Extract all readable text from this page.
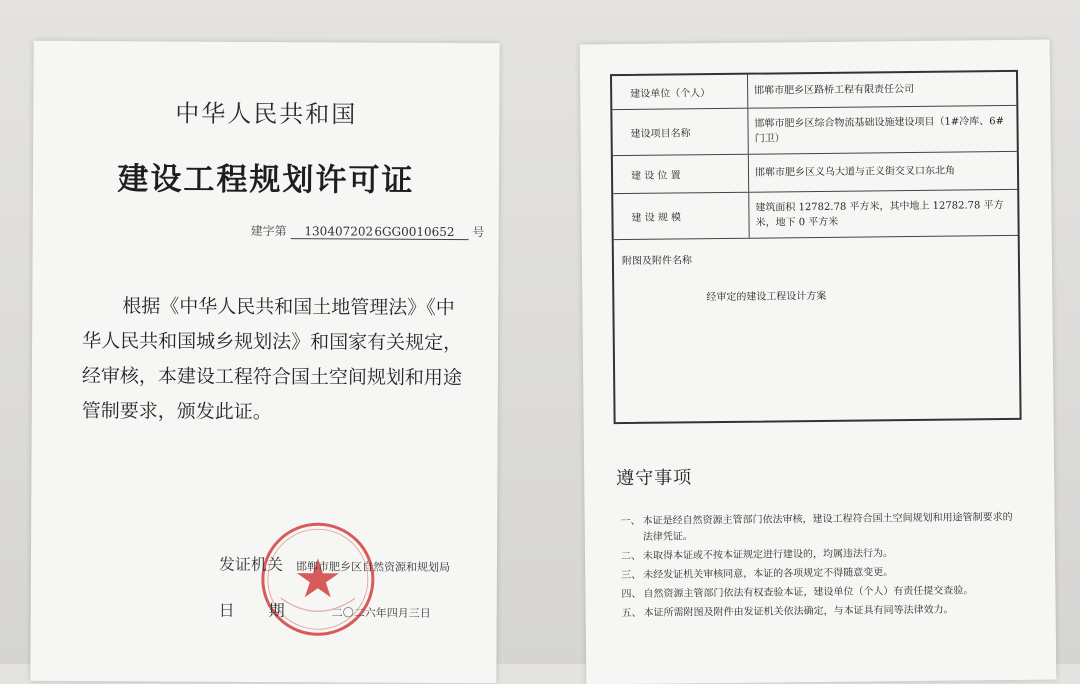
中华人民共和国
建设工程规划许可证
建字第 130407202 6GG0010652 号
根据《中华人民共和国土地管理法》《中华人民共和国城乡规划法》和国家有关规定，经审核，本建设工程符合国土空间规划和用途管制要求，颁发此证。
发证机关 邯郸市肥乡区自然资源和规划局
日期 二〇二六年四月三日
建设单位（个人）	邯郸市肥乡区路桥工程有限责任公司
建设项目名称
邯郸市肥乡区综合物流基础设施建设项目（1#冷库、6#门卫）
建 设 位 置	邯郸市肥乡区义乌大道与正义街交叉口东北角
建 设 规 模
建筑面积 12782.78 平方米，其中地上 12782.78 平方米，地下 0 平方米
附图及附件名称
经审定的建设工程设计方案
遵守事项
一、 本证是经自然资源主管部门依法审核，建设工程符合国土空间规划和用途管制要求的法律凭证。
二、 未取得本证或不按本证规定进行建设的，均属违法行为。
三、 未经发证机关审核同意，本证的各项规定不得随意变更。
四、 自然资源主管部门依法有权查验本证，建设单位（个人）有责任提交查验。
五、 本证所需附图及附件由发证机关依法确定，与本证具有同等法律效力。
